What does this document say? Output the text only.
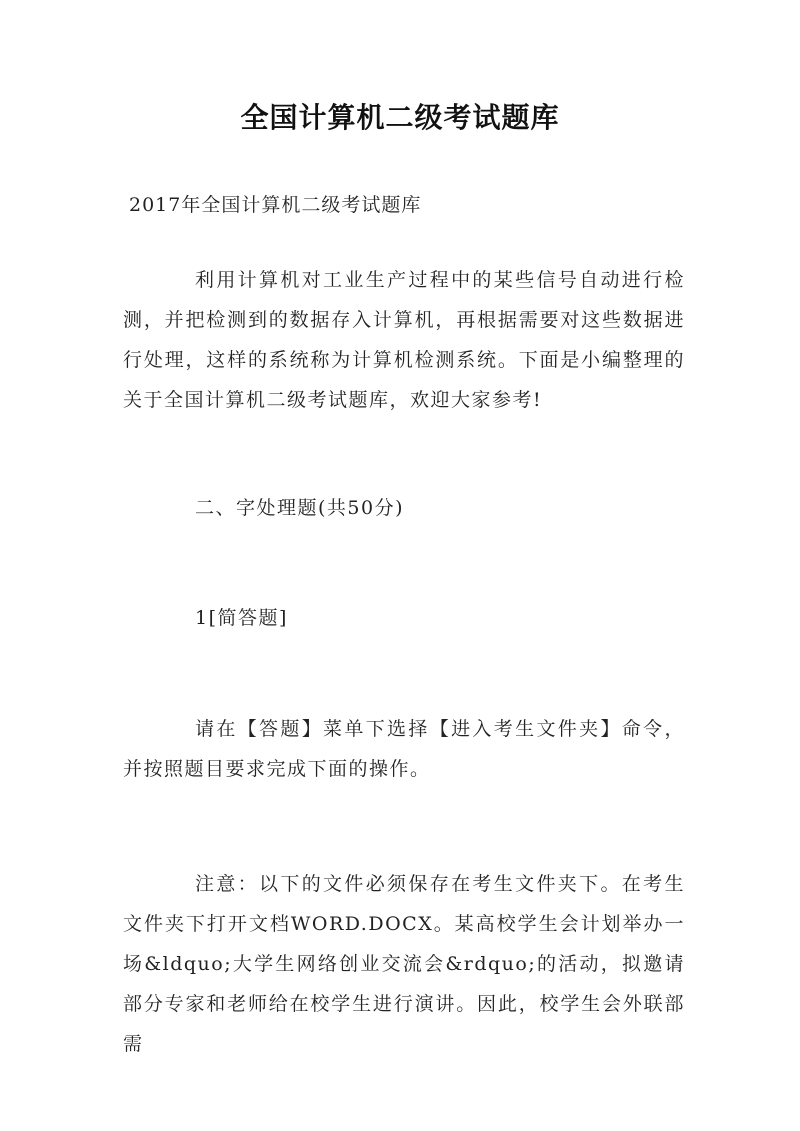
全国计算机二级考试题库
2017年全国计算机二级考试题库

利用计算机对工业生产过程中的某些信号自动进行检测，并把检测到的数据存入计算机，再根据需要对这些数据进行处理，这样的系统称为计算机检测系统。下面是小编整理的关于全国计算机二级考试题库，欢迎大家参考!

二、字处理题(共50分)

1[简答题]

请在【答题】菜单下选择【进入考生文件夹】命令，并按照题目要求完成下面的操作。

注意：以下的文件必须保存在考生文件夹下。在考生文件夹下打开文档WORD.DOCX。某高校学生会计划举办一场&ldquo;大学生网络创业交流会&rdquo;的活动，拟邀请部分专家和老师给在校学生进行演讲。因此，校学生会外联部需
